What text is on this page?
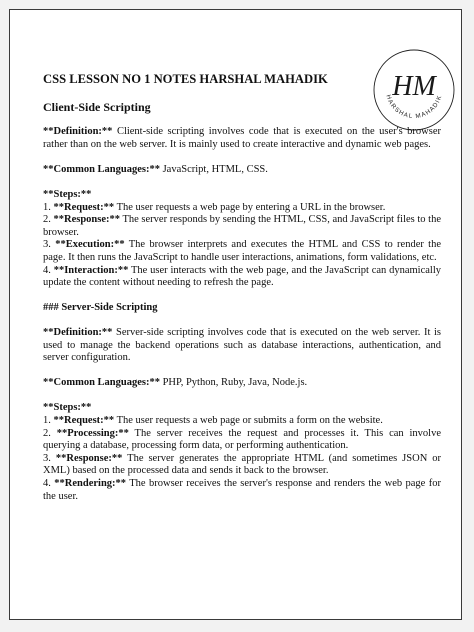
HM
HARSHAL MAHADIK
CSS LESSON NO 1 NOTES HARSHAL MAHADIK
Client-Side Scripting

**Definition:** Client-side scripting involves code that is executed on the user's browser rather than on the web server. It is mainly used to create interactive and dynamic web pages.

**Common Languages:** JavaScript, HTML, CSS.

**Steps:**

1. **Request:** The user requests a web page by entering a URL in the browser.

2. **Response:** The server responds by sending the HTML, CSS, and JavaScript files to the browser.

3. **Execution:** The browser interprets and executes the HTML and CSS to render the page. It then runs the JavaScript to handle user interactions, animations, form validations, etc.

4. **Interaction:** The user interacts with the web page, and the JavaScript can dynamically update the content without needing to refresh the page.

### Server-Side Scripting

**Definition:** Server-side scripting involves code that is executed on the web server. It is used to manage the backend operations such as database interactions, authentication, and server configuration.

**Common Languages:** PHP, Python, Ruby, Java, Node.js.

**Steps:**

1. **Request:** The user requests a web page or submits a form on the website.

2. **Processing:** The server receives the request and processes it. This can involve querying a database, processing form data, or performing authentication.

3. **Response:** The server generates the appropriate HTML (and sometimes JSON or XML) based on the processed data and sends it back to the browser.

4. **Rendering:** The browser receives the server's response and renders the web page for the user.
